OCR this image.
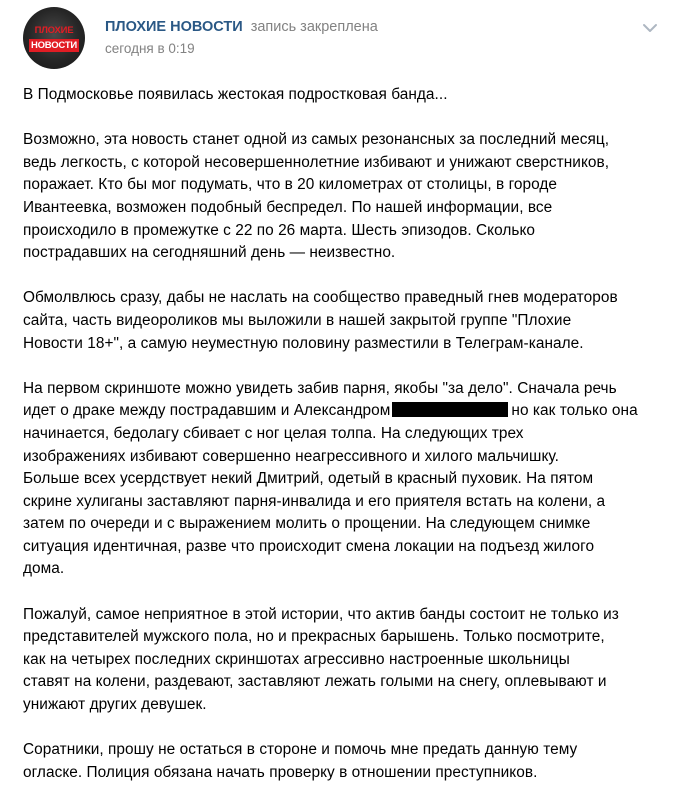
ПЛОХИЕ
НОВОСТИ
ПЛОХИЕ НОВОСТИ запись закреплена
сегодня в 0:19
В Подмосковье появилась жестокая подростковая банда...
Возможно, эта новость станет одной из самых резонансных за последний месяц,
ведь легкость, с которой несовершеннолетние избивают и унижают сверстников,
поражает. Кто бы мог подумать, что в 20 километрах от столицы, в городе
Ивантеевка, возможен подобный беспредел. По нашей информации, все
происходило в промежутке с 22 по 26 марта. Шесть эпизодов. Сколько
пострадавших на сегодняшний день — неизвестно.
Обмолвлюсь сразу, дабы не наслать на сообщество праведный гнев модераторов
сайта, часть видеороликов мы выложили в нашей закрытой группе "Плохие
Новости 18+", а самую неуместную половину разместили в Телеграм-канале.
На первом скриншоте можно увидеть забив парня, якобы "за дело". Сначала речь
идет о драке между пострадавшим и Александром	но как только она
начинается, бедолагу сбивает с ног целая толпа. На следующих трех
изображениях избивают совершенно неагрессивного и хилого мальчишку.
Больше всех усердствует некий Дмитрий, одетый в красный пуховик. На пятом
скрине хулиганы заставляют парня-инвалида и его приятеля встать на колени, а
затем по очереди и с выражением молить о прощении. На следующем снимке
ситуация идентичная, разве что происходит смена локации на подъезд жилого
дома.
Пожалуй, самое неприятное в этой истории, что актив банды состоит не только из
представителей мужского пола, но и прекрасных барышень. Только посмотрите,
как на четырех последних скриншотах агрессивно настроенные школьницы
ставят на колени, раздевают, заставляют лежать голыми на снегу, оплевывают и
унижают других девушек.
Соратники, прошу не остаться в стороне и помочь мне предать данную тему
огласке. Полиция обязана начать проверку в отношении преступников.
